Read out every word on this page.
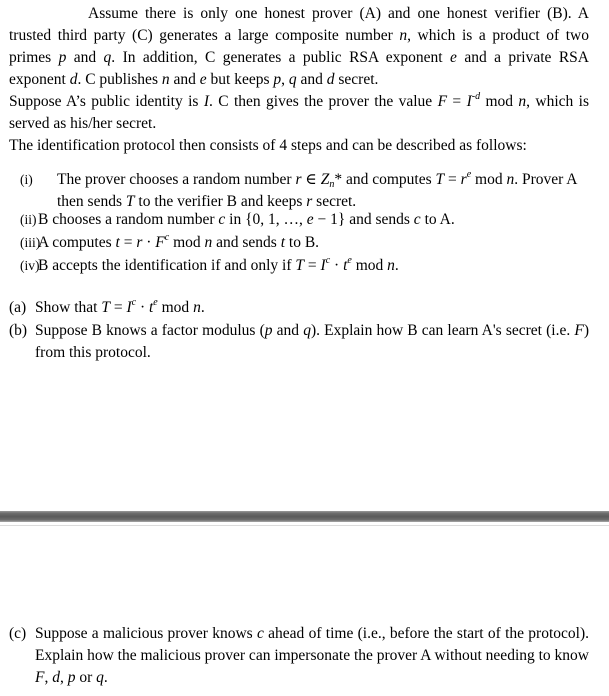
Assume there is only one honest prover (A) and one honest verifier (B). A trusted third party (C) generates a large composite number n, which is a product of two primes p and q. In addition, C generates a public RSA exponent e and a private RSA exponent d. C publishes n and e but keeps p, q and d secret.
Suppose A’s public identity is I. C then gives the prover the value $F = I^{-d}$ mod n, which is served as his/her secret.
The identification protocol then consists of 4 steps and can be described as follows:
(i) The prover chooses a random number r ∈ $Z_n*$ and computes $T = r^e$ mod n. Prover A then sends T to the verifier B and keeps r secret.
(ii) B chooses a random number c in {0, 1, …, e − 1} and sends c to A.
(iii)
A computes $t = r \cdot F^c$ mod n and sends t to B.
(iv)
B accepts the identification if and only if $T = I^c \cdot t^e$ mod n.
(a) Show that $T = I^c \cdot t^e$ mod n.
(b) Suppose B knows a factor modulus (p and q). Explain how B can learn A's secret (i.e. F) from this protocol.
(c) Suppose a malicious prover knows c ahead of time (i.e., before the start of the protocol). Explain how the malicious prover can impersonate the prover A without needing to know F, d, p or q.
